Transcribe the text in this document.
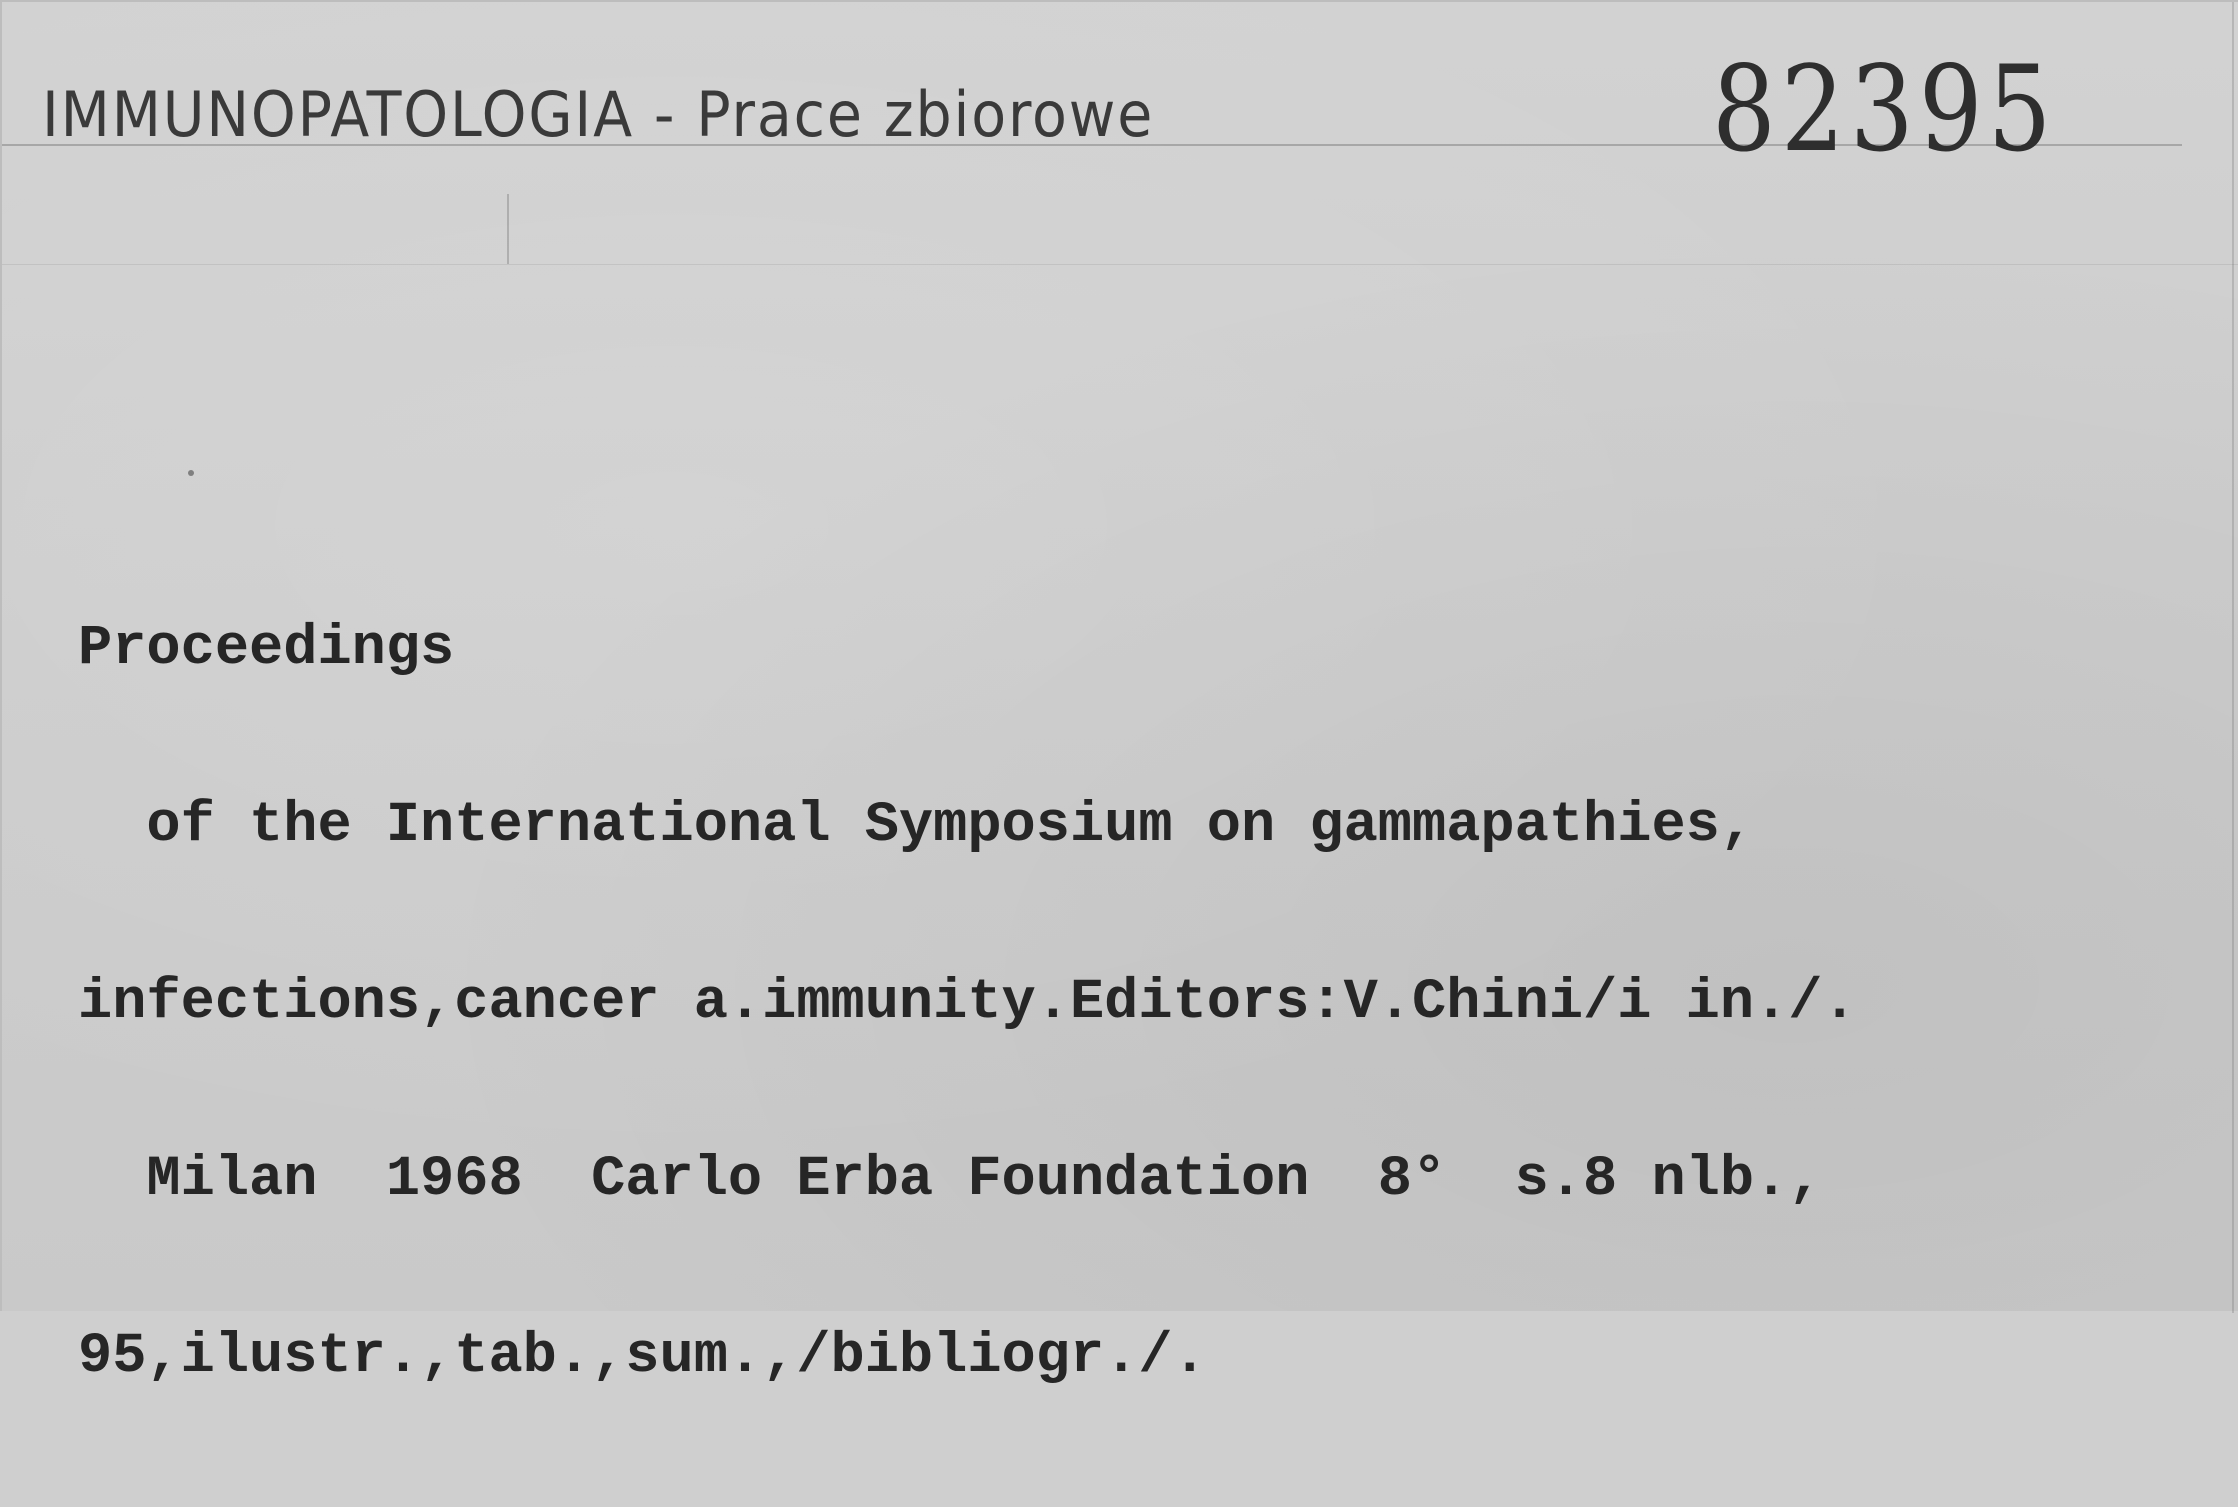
IMMUNOPATOLOGIA - Prace zbiorowe	82395

Proceedings

of the International Symposium on gammapathies,

infections,cancer a.immunity.Editors:V.Chini/i in./.

Milan  1968  Carlo Erba Foundation  8°  s.8 nlb.,

95,ilustr.,tab.,sum.,/bibliogr./.
